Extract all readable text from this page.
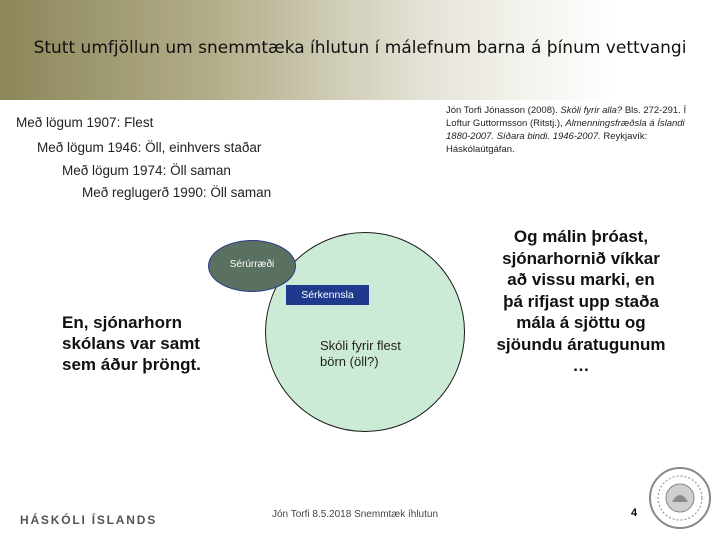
Stutt umfjöllun um snemmtæka íhlutun í málefnum barna á þínum vettvangi
Með lögum 1907: Flest
Með lögum 1946: Öll, einhvers staðar
Með lögum 1974: Öll saman
Með reglugerð 1990: Öll saman
Jón Torfi Jónasson (2008). Skóli fyrir alla? Bls. 272-291. Í Loftur Guttormsson (Ritstj.), Almenningsfræðsla á Íslandi 1880-2007. Síðara bindi. 1946-2007. Reykjavík: Háskólaútgáfan.
Sérúrræði
Sérkennsla
Skóli fyrir flest börn (öll?)
En, sjónarhorn skólans var samt sem áður þröngt.
Og málin þróast, sjónarhornið víkkar að vissu marki, en þá rifjast upp staða mála á sjöttu og sjöundu áratugunum …
HÁSKÓLI ÍSLANDS	Jón Torfi 8.5.2018 Snemmtæk íhlutun	4
